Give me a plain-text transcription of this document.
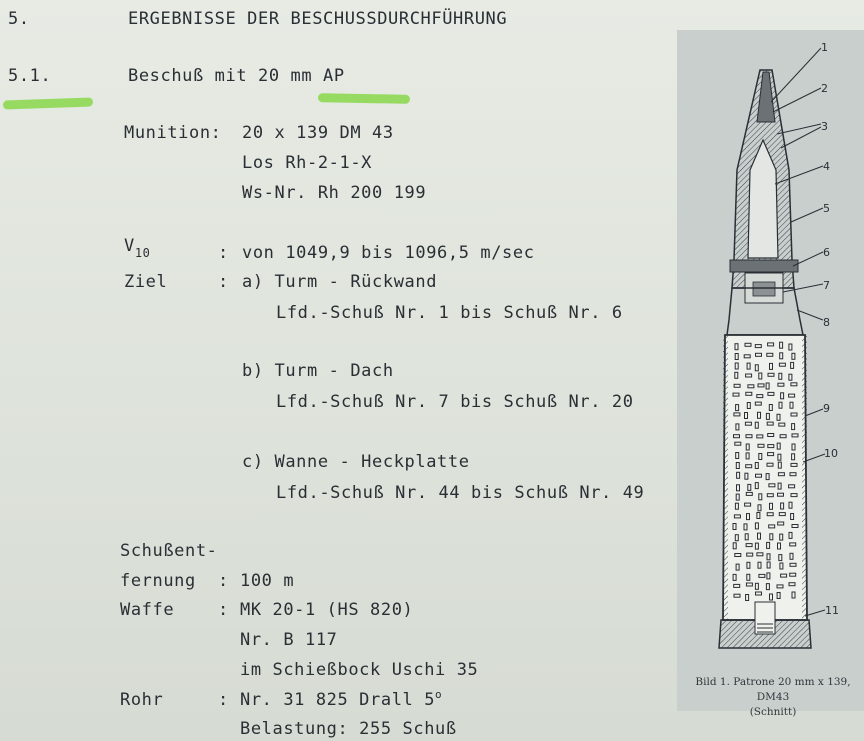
5.	ERGEBNISSE DER BESCHUSSDURCHFÜHRUNG
5.1.	Beschuß mit 20 mm AP
Munition: 20 x 139 DM 43
Los Rh-2-1-X
Ws-Nr. Rh 200 199
$V_{10}$	: von 1049,9 bis 1096,5 m/sec
Ziel	: a) Turm - Rückwand
Lfd.-Schuß Nr. 1 bis Schuß Nr. 6
b) Turm - Dach
Lfd.-Schuß Nr. 7 bis Schuß Nr. 20
c) Wanne - Heckplatte
Lfd.-Schuß Nr. 44 bis Schuß Nr. 49
Schußent-
fernung : 100 m
Waffe	: MK 20-1 (HS 820)
Nr. B 117
im Schießbock Uschi 35
Rohr	: Nr. 31 825 Drall 5$^o$
Belastung: 255 Schuß
1
2
3
4
5
6
7
8
9
10
11
Bild 1. Patrone 20 mm x 139, DM43
(Schnitt)
